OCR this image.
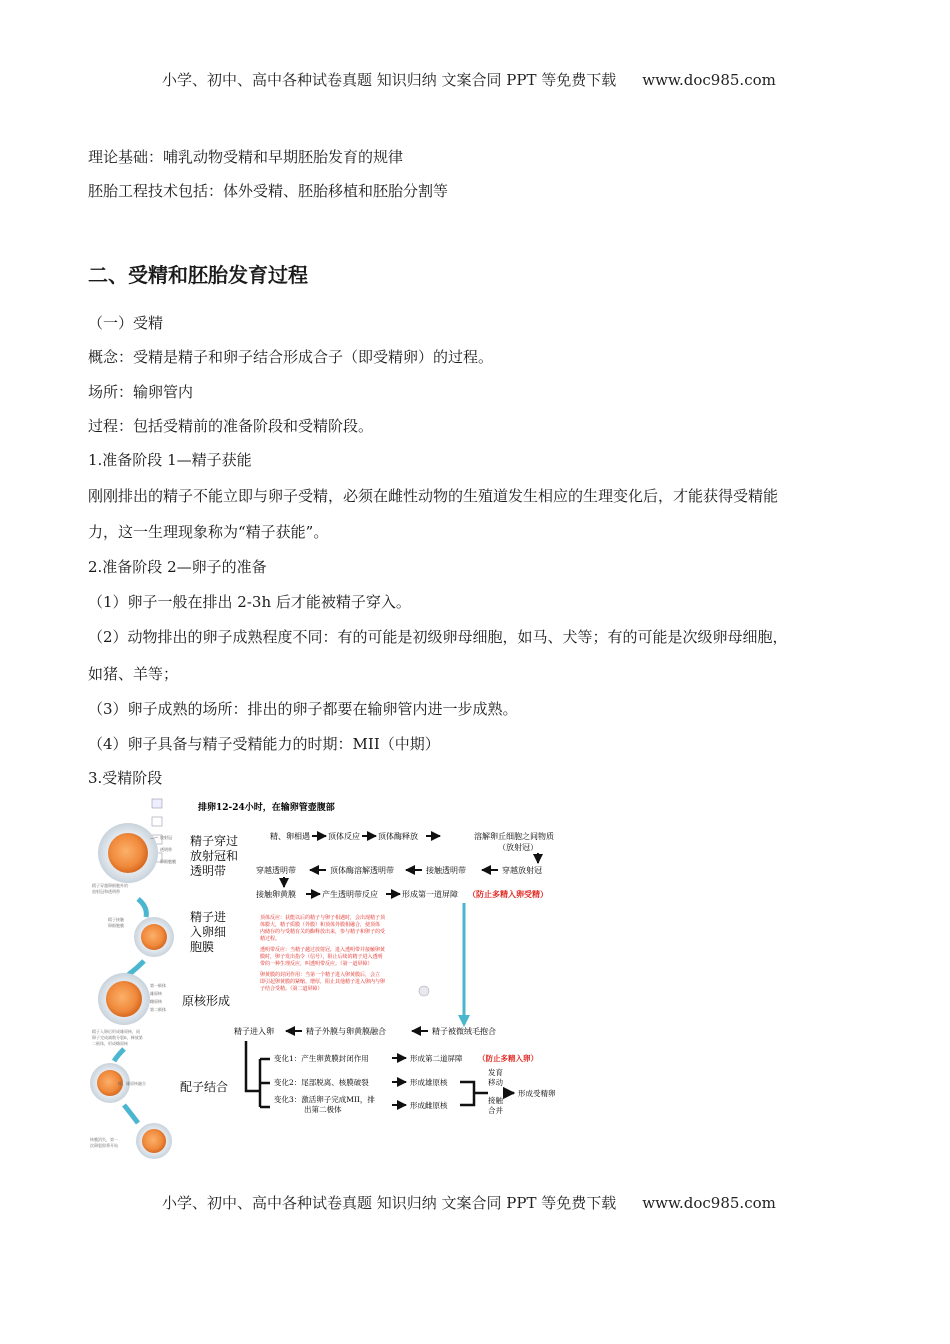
小学、初中、高中各种试卷真题 知识归纳 文案合同 PPT 等免费下载 www.doc985.com
理论基础：哺乳动物受精和早期胚胎发育的规律
胚胎工程技术包括：体外受精、胚胎移植和胚胎分割等
二、受精和胚胎发育过程
（一）受精
概念：受精是精子和卵子结合形成合子（即受精卵）的过程。
场所：输卵管内
过程：包括受精前的准备阶段和受精阶段。
1.准备阶段 1—精子获能
刚刚排出的精子不能立即与卵子受精，必须在雌性动物的生殖道发生相应的生理变化后，才能获得受精能
力，这一生理现象称为“精子获能”。
2.准备阶段 2—卵子的准备
（1）卵子一般在排出 2-3h 后才能被精子穿入。
（2）动物排出的卵子成熟程度不同：有的可能是初级卵母细胞，如马、犬等；有的可能是次级卵母细胞，
如猪、羊等；
（3）卵子成熟的场所：排出的卵子都要在输卵管内进一步成熟。
（4）卵子具备与精子受精能力的时期：MII（中期）
3.受精阶段
排卵12-24小时，在输卵管壶腹部
放射冠
透明带
卵细胞膜
精子穿越卵细胞外的
放射冠和透明带
精子接触
卵细胞膜
第一极体
雄原核
雌原核
第二极体
精子入卵后形成雄原核，同
卵子完成减数分裂Ⅱ，释放第
二极体，形成雌原核
雌、雄原核融合
核膜消失，第一
次卵裂即将开始
精子穿过
放射冠和
透明带
精子进
入卵细
胞膜
原核形成
配子结合
精、卵相遇 顶体反应 顶体酶释放	溶解卵丘细胞之间物质
（放射冠）
穿越透明带	顶体酶溶解透明带	接触透明带	穿越放射冠
接触卵黄膜	产生透明带反应	形成第一道屏障 （防止多精入卵受精）
顶体反应：获能以后的精子与卵子相遇时，会出现精子顶
体膨大，精子质膜（外膜）和顶体外膜相融合，使顶体
内储存的与受精有关的酶释放出来，参与精子和卵子的受
精过程。
透明带反应：当精子越过放射冠，进入透明带并接触卵黄
膜时，卵子发出指令（信号），阻止后续的精子进入透明
带的一种生理反应，叫透明带反应。（第一道屏障）
卵黄膜的封闭作用：当第一个精子进入卵黄膜后，会立
即引起卵黄膜的紧缩、增厚，阻止其他精子进入卵内与卵
子结合受精。（第二道屏障）
精子进入卵	精子外膜与卵黄膜融合	精子被微绒毛抱合
变化1：产生卵黄膜封闭作用	形成第二道屏障 （防止多精入卵）
变化2：尾部脱离、核膜破裂	形成雄原核
变化3：激活卵子完成MII，排
出第二极体	形成雌原核
发育
移动
接触
合并
形成受精卵
小学、初中、高中各种试卷真题 知识归纳 文案合同 PPT 等免费下载 www.doc985.com
